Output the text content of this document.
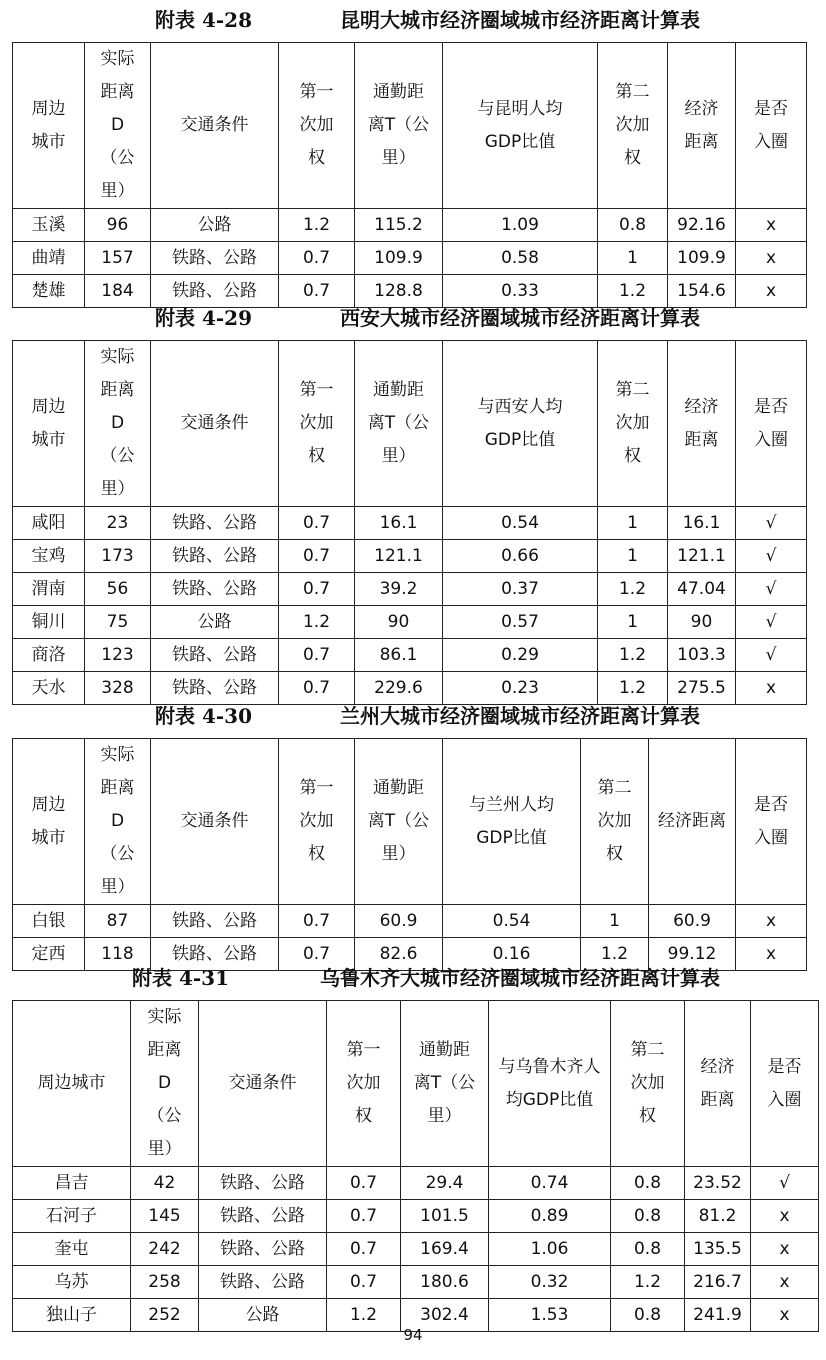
附表 4-28	昆明大城市经济圈域城市经济距离计算表
周边城市	实际距离D（公里）	交通条件	第一次加权	通勤距离T（公里）	与昆明人均GDP比值	第二次加权	经济距离	是否入圈
玉溪	96	公路	1.2	115.2	1.09	0.8	92.16	x
曲靖	157	铁路、公路	0.7	109.9	0.58	1	109.9	x
楚雄	184	铁路、公路	0.7	128.8	0.33	1.2	154.6	x
附表 4-29	西安大城市经济圈域城市经济距离计算表
周边城市	实际距离D（公里）	交通条件	第一次加权	通勤距离T（公里）	与西安人均GDP比值	第二次加权	经济距离	是否入圈
咸阳	23	铁路、公路	0.7	16.1	0.54	1	16.1	√
宝鸡	173	铁路、公路	0.7	121.1	0.66	1	121.1	√
渭南	56	铁路、公路	0.7	39.2	0.37	1.2	47.04	√
铜川	75	公路	1.2	90	0.57	1	90	√
商洛	123	铁路、公路	0.7	86.1	0.29	1.2	103.3	√
天水	328	铁路、公路	0.7	229.6	0.23	1.2	275.5	x
附表 4-30	兰州大城市经济圈域城市经济距离计算表
周边城市	实际距离D（公里）	交通条件	第一次加权	通勤距离T（公里）	与兰州人均GDP比值	第二次加权	经济距离	是否入圈
白银	87	铁路、公路	0.7	60.9	0.54	1	60.9	x
定西	118	铁路、公路	0.7	82.6	0.16	1.2	99.12	x
附表 4-31	乌鲁木齐大城市经济圈域城市经济距离计算表
周边城市	实际距离D（公里）	交通条件	第一次加权	通勤距离T（公里）	与乌鲁木齐人均GDP比值	第二次加权	经济距离	是否入圈
昌吉	42	铁路、公路	0.7	29.4	0.74	0.8	23.52	√
石河子	145	铁路、公路	0.7	101.5	0.89	0.8	81.2	x
奎屯	242	铁路、公路	0.7	169.4	1.06	0.8	135.5	x
乌苏	258	铁路、公路	0.7	180.6	0.32	1.2	216.7	x
独山子	252	公路	1.2	302.4	1.53	0.8	241.9	x
94
